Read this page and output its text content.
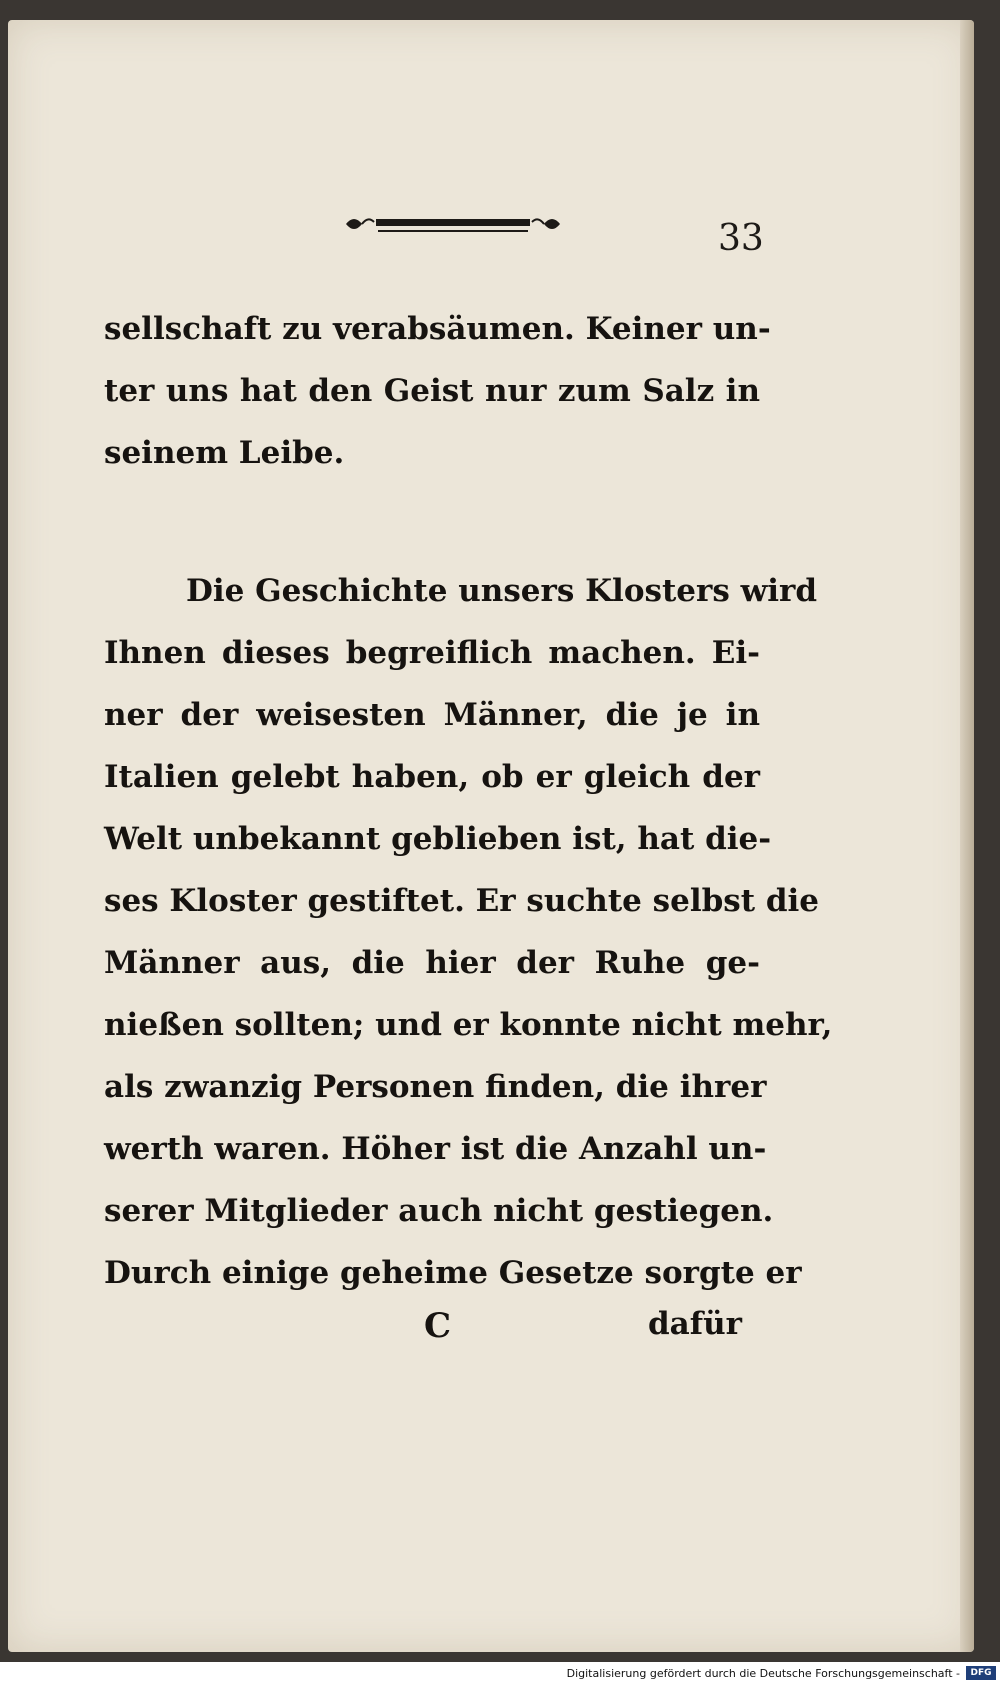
33
sellschaft zu verabsäumen. Keiner un-
ter uns hat den Geist nur zum Salz in
seinem Leibe.
Die Geschichte unsers Klosters wird
Ihnen dieses begreiflich machen. Ei-
ner der weisesten Männer, die je in
Italien gelebt haben, ob er gleich der
Welt unbekannt geblieben ist, hat die-
ses Kloster gestiftet. Er suchte selbst die
Männer aus, die hier der Ruhe ge-
nießen sollten; und er konnte nicht mehr,
als zwanzig Personen finden, die ihrer
werth waren. Höher ist die Anzahl un-
serer Mitglieder auch nicht gestiegen.
Durch einige geheime Gesetze sorgte er
C	dafür
Digitalisierung gefördert durch die Deutsche Forschungsgemeinschaft -	DFG
